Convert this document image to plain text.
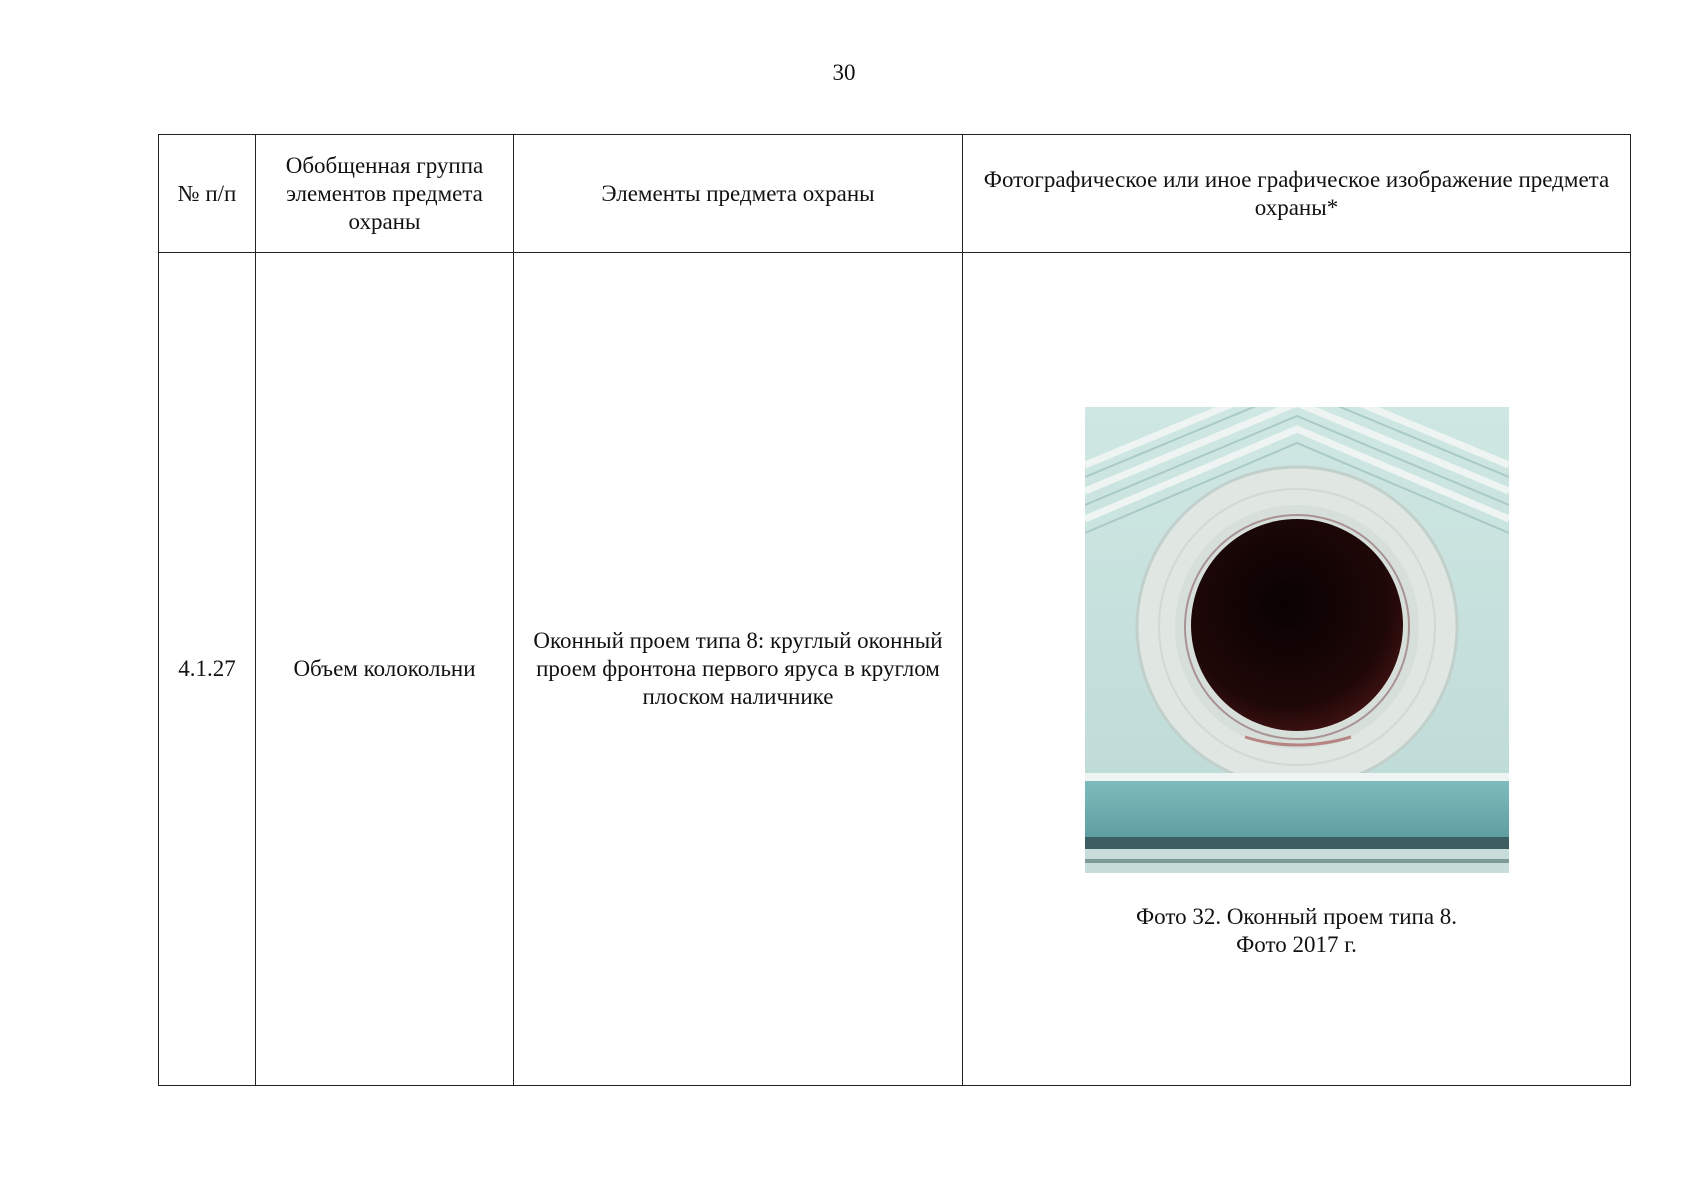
30
№ п/п	Обобщенная группа элементов предмета охраны	Элементы предмета охраны	Фотографическое или иное графическое изображение предмета охраны*
4.1.27	Объем колокольни	Оконный проем типа 8: круглый оконный проем фронтона первого яруса в круглом плоском наличнике	Фото 32. Оконный проем типа 8.
Фото 2017 г.
